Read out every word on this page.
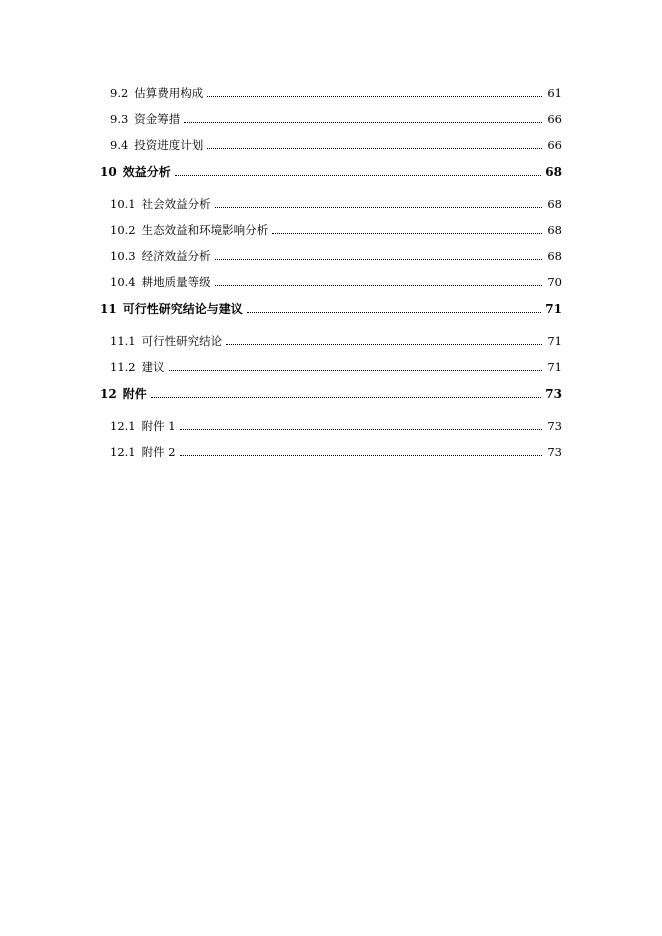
9.2 估算费用构成	61
9.3 资金筹措	66
9.4 投资进度计划	66
10 效益分析	68
10.1 社会效益分析	68
10.2 生态效益和环境影响分析	68
10.3 经济效益分析	68
10.4 耕地质量等级	70
11 可行性研究结论与建议	71
11.1 可行性研究结论	71
11.2 建议	71
12 附件	73
12.1 附件 1	73
12.1 附件 2	73
